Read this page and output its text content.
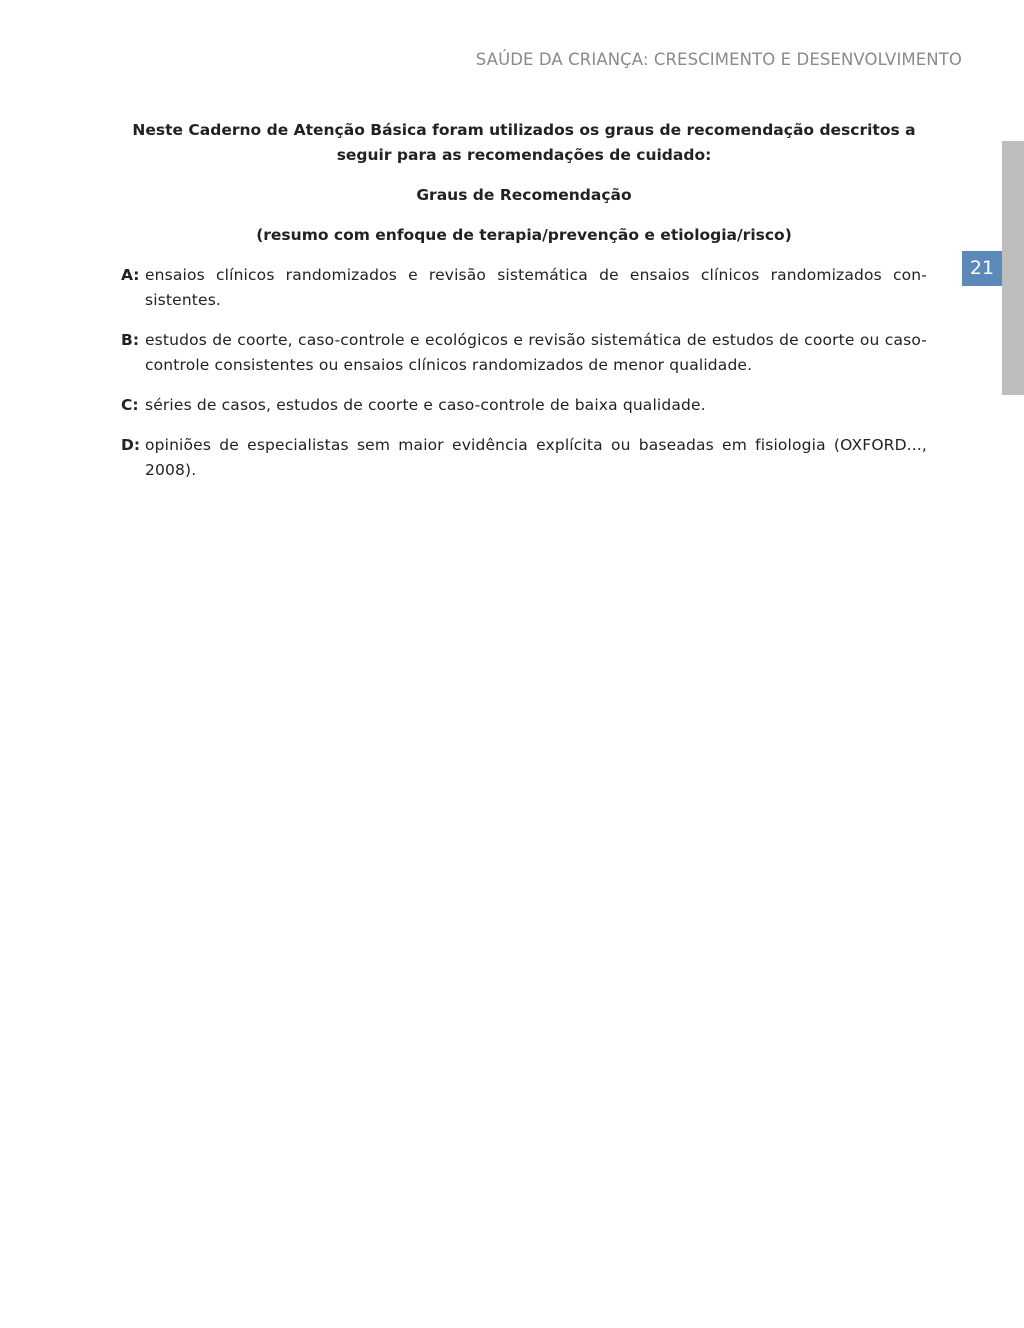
SAÚDE DA CRIANÇA: CRESCIMENTO E DESENVOLVIMENTO
21

Neste Caderno de Atenção Básica foram utilizados os graus de recomendação descritos a seguir para as recomendações de cuidado:

Graus de Recomendação

(resumo com enfoque de terapia/prevenção e etiologia/risco)

A: ensaios clínicos randomizados e revisão sistemática de ensaios clínicos randomizados con-sistentes.
B: estudos de coorte, caso-controle e ecológicos e revisão sistemática de estudos de coorte ou caso-controle consistentes ou ensaios clínicos randomizados de menor qualidade.
C: séries de casos, estudos de coorte e caso-controle de baixa qualidade.
D: opiniões de especialistas sem maior evidência explícita ou baseadas em fisiologia (OXFORD..., 2008).
